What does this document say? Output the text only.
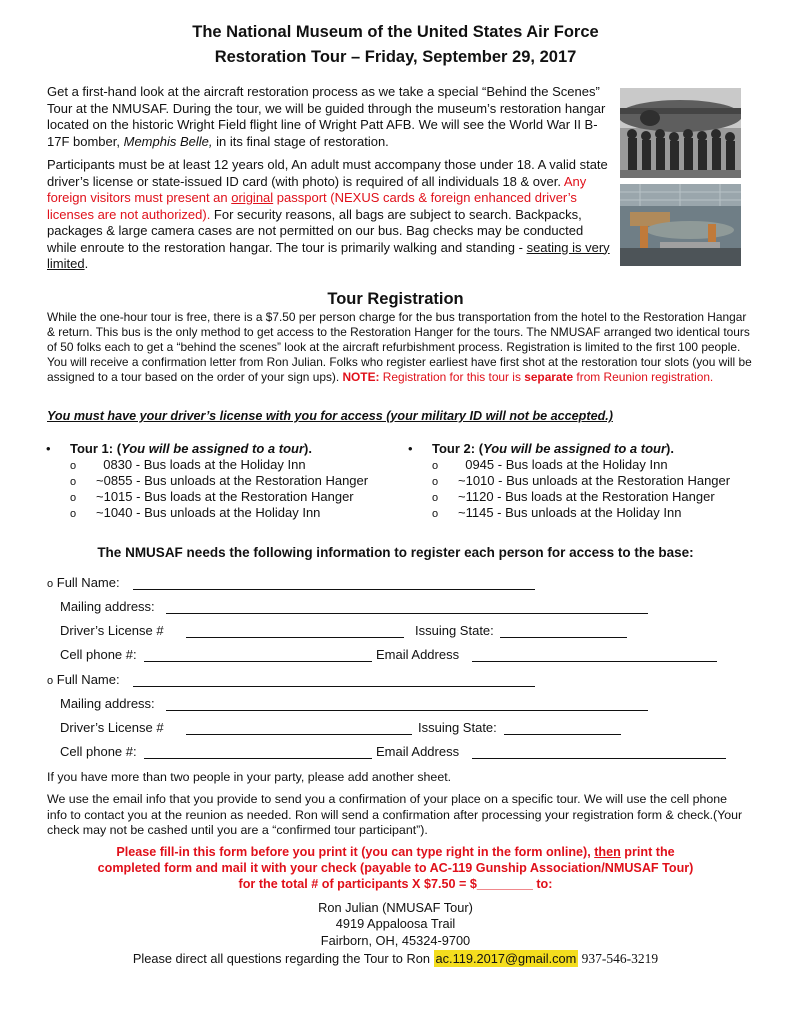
The National Museum of the United States Air Force
Restoration Tour – Friday, September 29, 2017
Get a first-hand look at the aircraft restoration process as we take a special “Behind the Scenes” Tour at the NMUSAF. During the tour, we will be guided through the museum’s restoration hangar located on the historic Wright Field flight line of Wright Patt AFB. We will see the World War II B-17F bomber, Memphis Belle, in its final stage of restoration.
Participants must be at least 12 years old, An adult must accompany those under 18. A valid state driver’s license or state-issued ID card (with photo) is required of all individuals 18 & over. Any foreign visitors must present an original passport (NEXUS cards & foreign enhanced driver’s licenses are not authorized). For security reasons, all bags are subject to search. Backpacks, packages & large camera cases are not permitted on our bus. Bag checks may be conducted while enroute to the restoration hangar. The tour is primarily walking and standing - seating is very limited.
Tour Registration
While the one-hour tour is free, there is a $7.50 per person charge for the bus transportation from the hotel to the Restoration Hangar & return. This bus is the only method to get access to the Restoration Hanger for the tours. The NMUSAF arranged two identical tours of 50 folks each to get a “behind the scenes” look at the aircraft refurbishment process. Registration is limited to the first 100 people. You will receive a confirmation letter from Ron Julian. Folks who register earliest have first shot at the restoration tour slots (you will be assigned to a tour based on the order of your sign ups). NOTE: Registration for this tour is separate from Reunion registration.
You must have your driver’s license with you for access (your military ID will not be accepted.)
• Tour 1: (You will be assigned to a tour).
o   0830 - Bus loads at the Holiday Inn
o ~0855 - Bus unloads at the Restoration Hanger
o ~1015 - Bus loads at the Restoration Hanger
o ~1040 - Bus unloads at the Holiday Inn
• Tour 2: (You will be assigned to a tour).
o   0945 - Bus loads at the Holiday Inn
o ~1010 - Bus unloads at the Restoration Hanger
o ~1120 - Bus loads at the Restoration Hanger
o ~1145 - Bus unloads at the Holiday Inn
The NMUSAF needs the following information to register each person for access to the base:
o Full Name:
Mailing address:
Driver’s License #	Issuing State:
Cell phone #:	Email Address
o Full Name:
Mailing address:
Driver’s License #	Issuing State:
Cell phone #:	Email Address
If you have more than two people in your party, please add another sheet.
We use the email info that you provide to send you a confirmation of your place on a specific tour. We will use the cell phone info to contact you at the reunion as needed. Ron will send a confirmation after processing your registration form & check.(Your check may not be cashed until you are a “confirmed tour participant”).
Please fill-in this form before you print it (you can type right in the form online), then print the
completed form and mail it with your check (payable to AC-119 Gunship Association/NMUSAF Tour)
for the total # of participants X $7.50 = $________ to:
Ron Julian (NMUSAF Tour)
4919 Appaloosa Trail
Fairborn, OH, 45324-9700
Please direct all questions regarding the Tour to Ron ac.119.2017@gmail.com 937-546-3219
